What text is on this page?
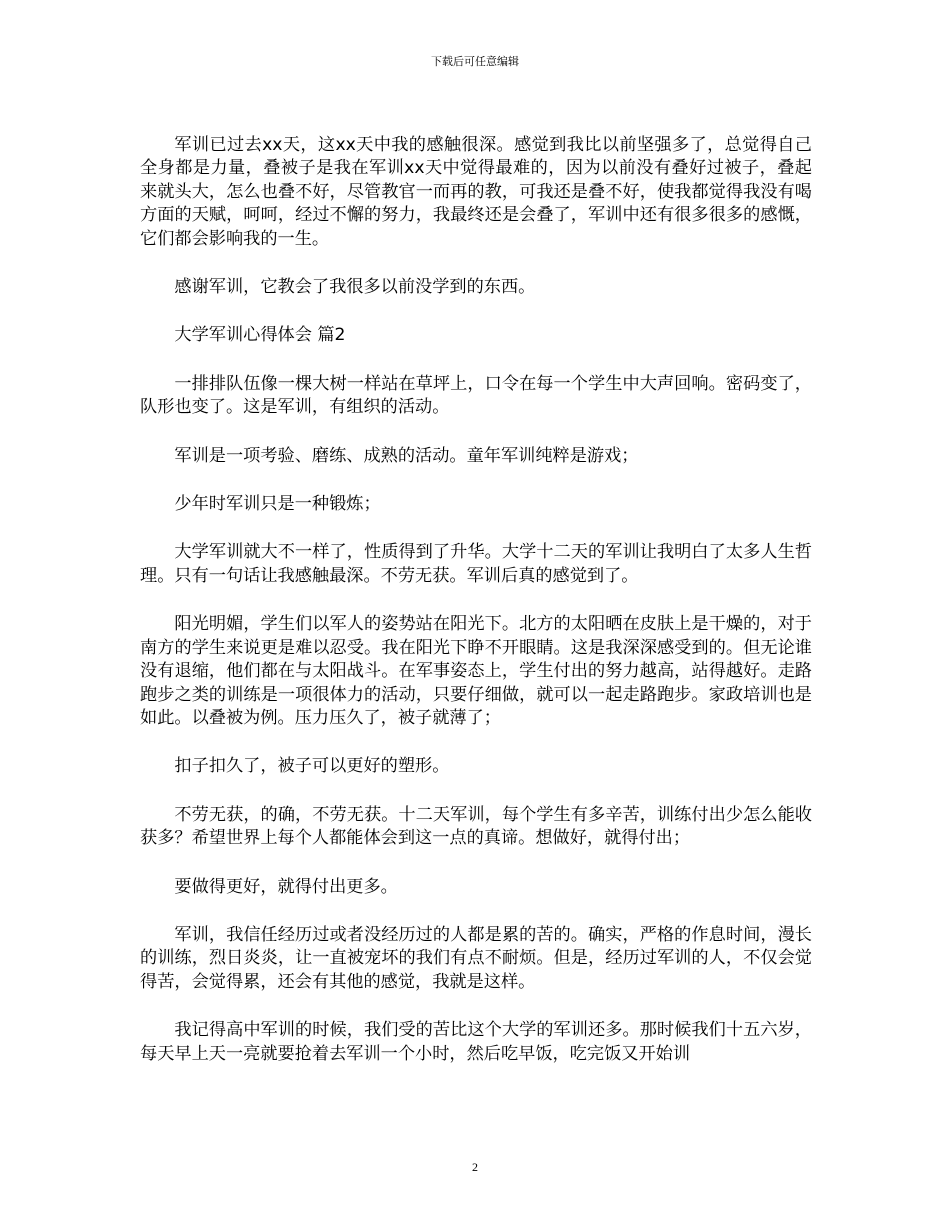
下载后可任意编辑

军训已过去xx天，这xx天中我的感触很深。感觉到我比以前坚强多了，总觉得自己全身都是力量，叠被子是我在军训xx天中觉得最难的，因为以前没有叠好过被子，叠起来就头大，怎么也叠不好，尽管教官一而再的教，可我还是叠不好，使我都觉得我没有喝方面的天赋，呵呵，经过不懈的努力，我最终还是会叠了，军训中还有很多很多的感慨，它们都会影响我的一生。

感谢军训，它教会了我很多以前没学到的东西。

大学军训心得体会 篇2

一排排队伍像一棵大树一样站在草坪上，口令在每一个学生中大声回响。密码变了，队形也变了。这是军训，有组织的活动。

军训是一项考验、磨练、成熟的活动。童年军训纯粹是游戏；

少年时军训只是一种锻炼；

大学军训就大不一样了，性质得到了升华。大学十二天的军训让我明白了太多人生哲理。只有一句话让我感触最深。不劳无获。军训后真的感觉到了。

阳光明媚，学生们以军人的姿势站在阳光下。北方的太阳晒在皮肤上是干燥的，对于南方的学生来说更是难以忍受。我在阳光下睁不开眼睛。这是我深深感受到的。但无论谁没有退缩，他们都在与太阳战斗。在军事姿态上，学生付出的努力越高，站得越好。走路跑步之类的训练是一项很体力的活动，只要仔细做，就可以一起走路跑步。家政培训也是如此。以叠被为例。压力压久了，被子就薄了；

扣子扣久了，被子可以更好的塑形。

不劳无获，的确，不劳无获。十二天军训，每个学生有多辛苦，训练付出少怎么能收获多？希望世界上每个人都能体会到这一点的真谛。想做好，就得付出；

要做得更好，就得付出更多。

军训，我信任经历过或者没经历过的人都是累的苦的。确实，严格的作息时间，漫长的训练，烈日炎炎，让一直被宠坏的我们有点不耐烦。但是，经历过军训的人，不仅会觉得苦，会觉得累，还会有其他的感觉，我就是这样。

我记得高中军训的时候，我们受的苦比这个大学的军训还多。那时候我们十五六岁，每天早上天一亮就要抢着去军训一个小时，然后吃早饭，吃完饭又开始训

2
